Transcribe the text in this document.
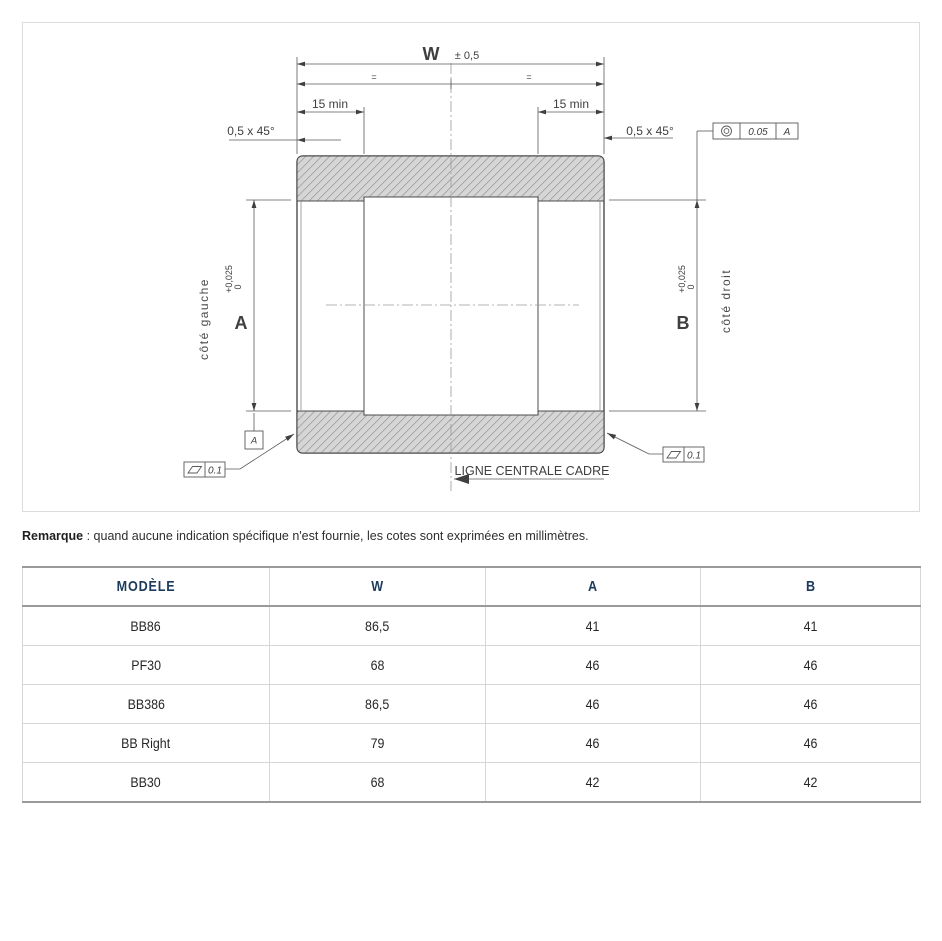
W ± 0,5
=	=
15 min	15 min
0,5 x 45°	0,5 x 45°	0.05 A
A
+0,025 0
côté gauche	B
+0,025 0 côté droit
A
0.1
0.1
LIGNE CENTRALE CADRE
Remarque : quand aucune indication spécifique n'est fournie, les cotes sont exprimées en millimètres.
MODÈLE	W	A	B
BB86	86,5	41	41
PF30	68	46	46
BB386	86,5	46	46
BB Right	79	46	46
BB30	68	42	42
